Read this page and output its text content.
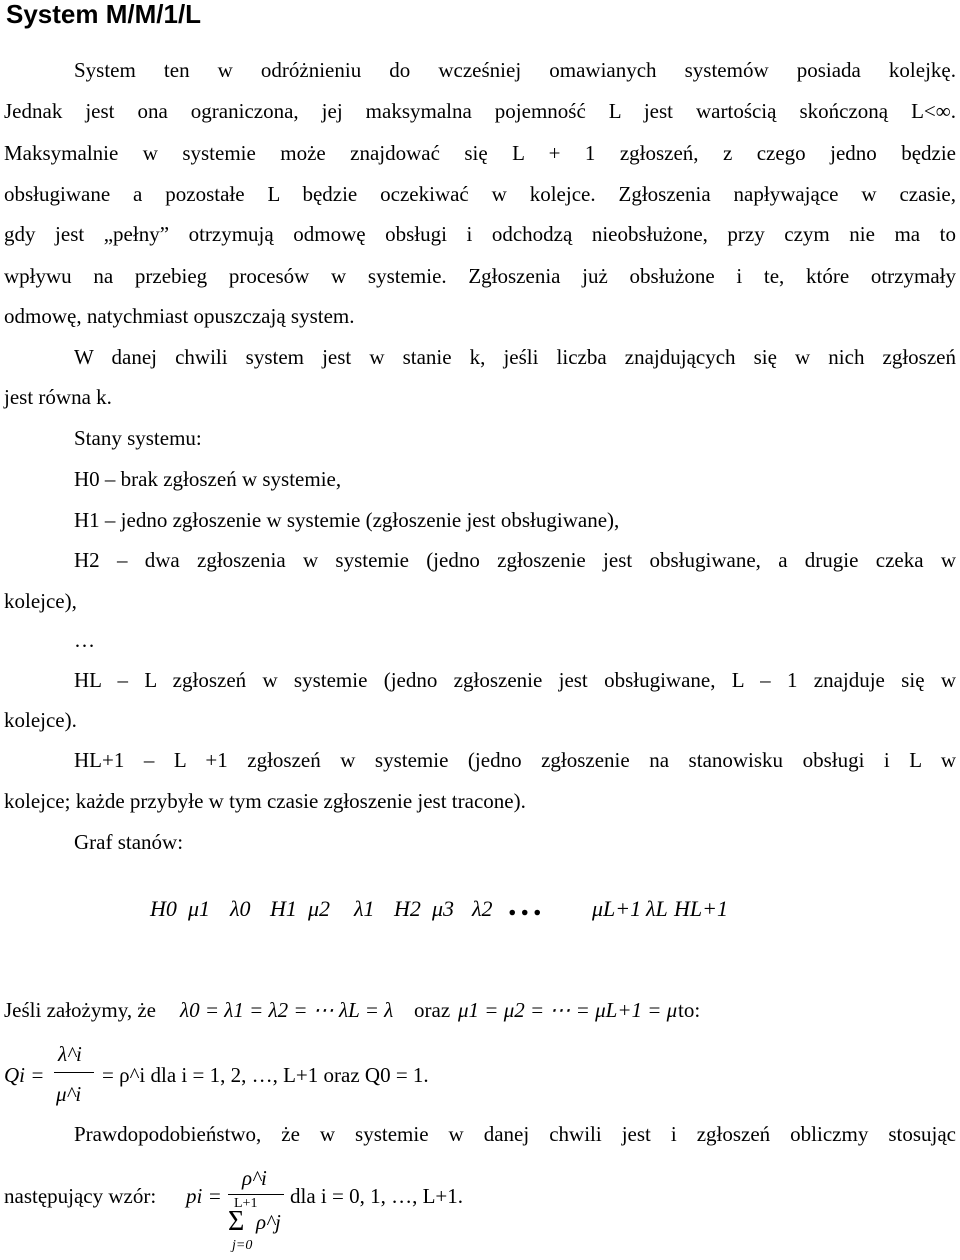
System M/M/1/L
System ten w odróżnieniu do wcześniej omawianych systemów posiada kolejkę.
Jednak jest ona ograniczona, jej maksymalna pojemność L jest wartością skończoną L<∞.
Maksymalnie w systemie może znajdować się L + 1 zgłoszeń, z czego jedno będzie
obsługiwane a pozostałe L będzie oczekiwać w kolejce. Zgłoszenia napływające w czasie,
gdy jest „pełny” otrzymują odmowę obsługi i odchodzą nieobsłużone, przy czym nie ma to
wpływu na przebieg procesów w systemie. Zgłoszenia już obsłużone i te, które otrzymały
odmowę, natychmiast opuszczają system.
W danej chwili system jest w stanie k, jeśli liczba znajdujących się w nich zgłoszeń
jest równa k.
Stany systemu:
H0 – brak zgłoszeń w systemie,
H1 – jedno zgłoszenie w systemie (zgłoszenie jest obsługiwane),
H2 – dwa zgłoszenia w systemie (jedno zgłoszenie jest obsługiwane, a drugie czeka w
kolejce),
…
HL – L zgłoszeń w systemie (jedno zgłoszenie jest obsługiwane, L – 1 znajduje się w
kolejce).
HL+1 – L +1 zgłoszeń w systemie (jedno zgłoszenie na stanowisku obsługi i L w
kolejce; każde przybyłe w tym czasie zgłoszenie jest tracone).
Graf stanów:
H0 μ1 λ0 H1 μ2 λ1 H2 μ3 λ2 ... μL+1 λL HL+1
Jeśli założymy, że λ0 = λ1 = λ2 = ⋯ λL = λ oraz μ1 = μ2 = ⋯ = μL+1 = μ to:
Qi =
λ^i
μ^i
= ρ^i dla i = 1, 2, …, L+1 oraz Q0 = 1.
Prawdopodobieństwo, że w systemie w danej chwili jest i zgłoszeń obliczmy stosując
następujący wzór: pi =
ρ^i
L+1
Σ ρ^j
j=0
dla i = 0, 1, …, L+1.
